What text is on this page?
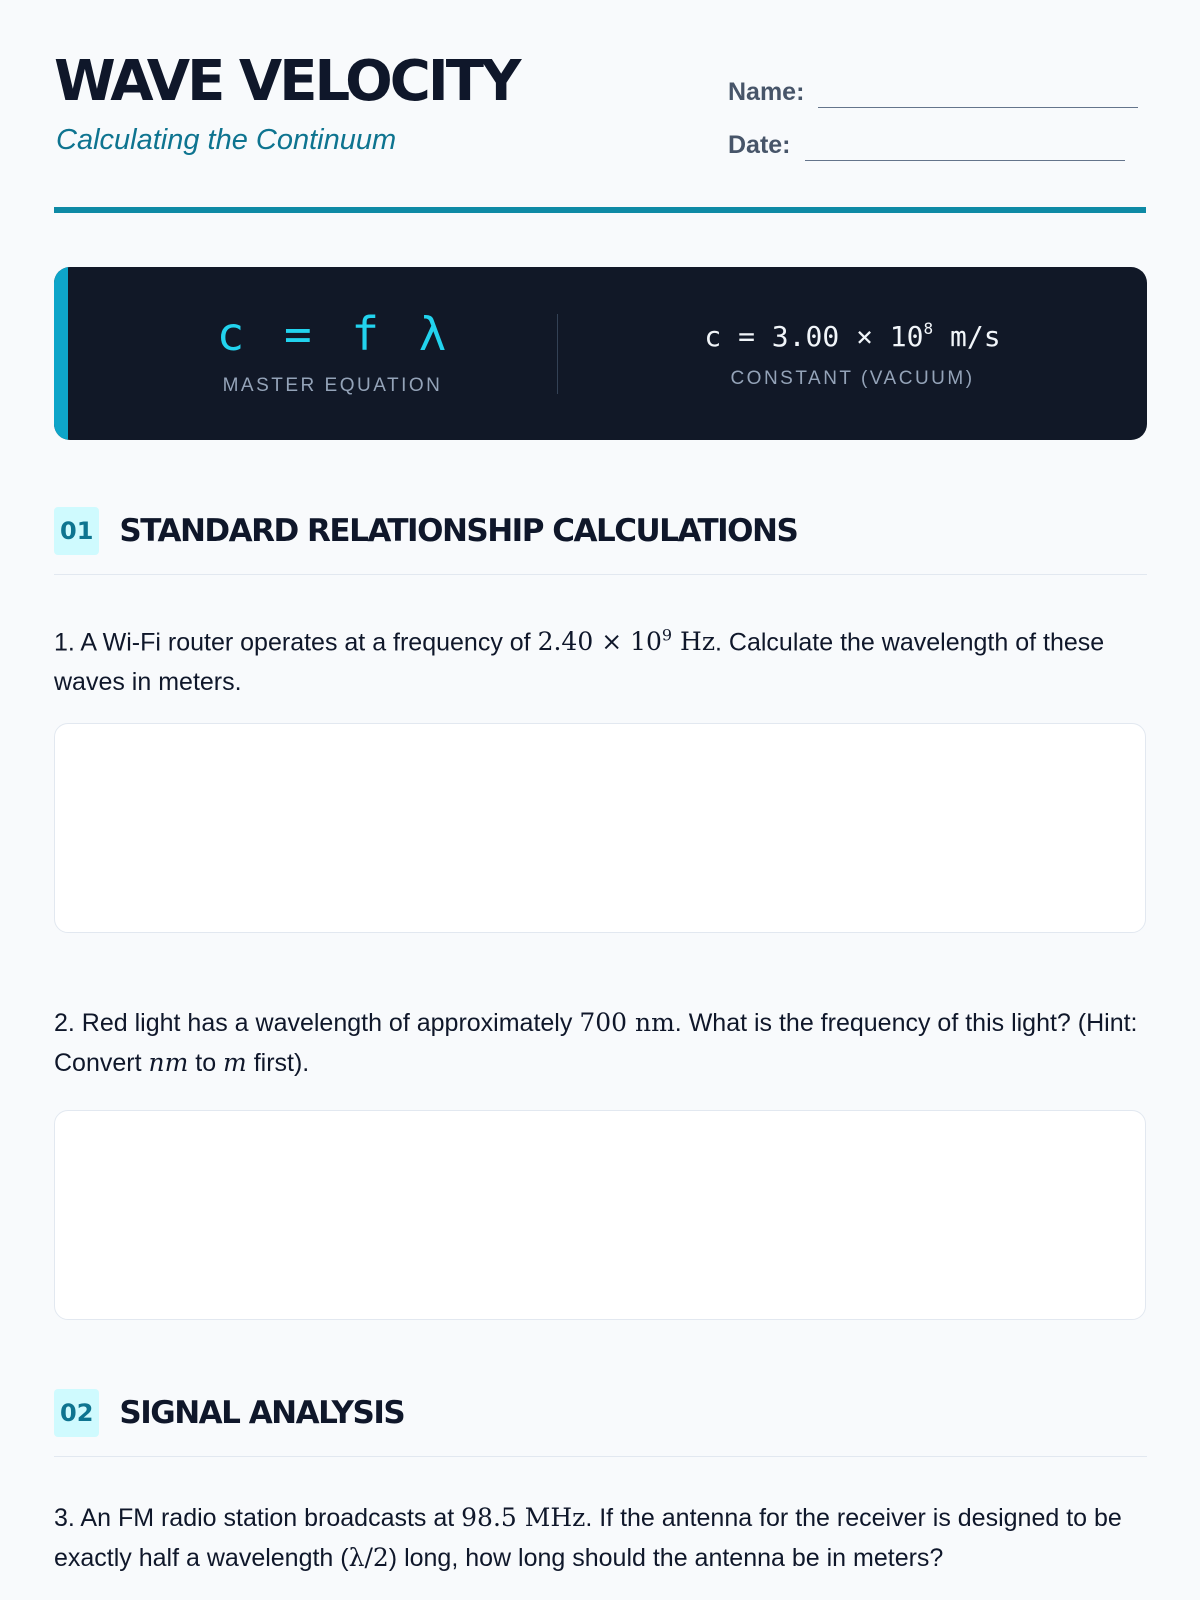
WAVE VELOCITY

Calculating the Continuum

Name:
Date:
c = f λ
MASTER EQUATION
$c = 3.00 \times 10^8$ m/s
CONSTANT (VACUUM)
01 STANDARD RELATIONSHIP CALCULATIONS

1. A Wi-Fi router operates at a frequency of $2.40 \times 10^9$ Hz. Calculate the wavelength of these waves in meters.

2. Red light has a wavelength of approximately 700 nm. What is the frequency of this light? (Hint: Convert nm to m first).

02 SIGNAL ANALYSIS

3. An FM radio station broadcasts at 98.5 MHz. If the antenna for the receiver is designed to be exactly half a wavelength (λ/2) long, how long should the antenna be in meters?
